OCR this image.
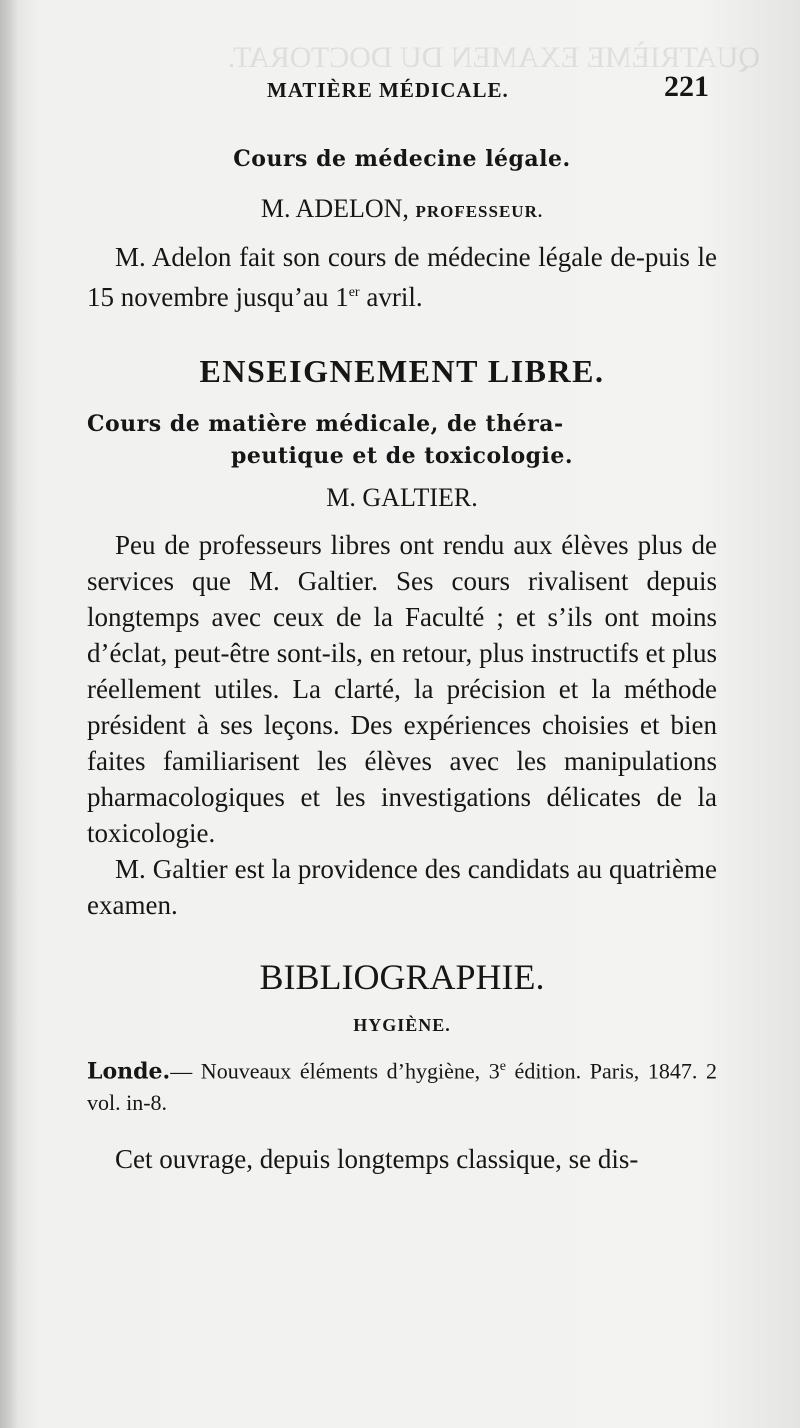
QUATRIÈME EXAMEN DU DOCTORAT.
MATIÈRE MÉDICALE.	221
Cours de médecine légale.
M. ADELON, PROFESSEUR.

M. Adelon fait son cours de médecine légale de-puis le 15 novembre jusqu’au 1er avril.

ENSEIGNEMENT LIBRE.
Cours de matière médicale, de théra-
peutique et de toxicologie.
M. GALTIER.

Peu de professeurs libres ont rendu aux élèves plus de services que M. Galtier. Ses cours rivalisent depuis longtemps avec ceux de la Faculté ; et s’ils ont moins d’éclat, peut-être sont-ils, en retour, plus instructifs et plus réellement utiles. La clarté, la précision et la méthode président à ses leçons. Des expériences choisies et bien faites familiarisent les élèves avec les manipulations pharmacologiques et les investigations délicates de la toxicologie.

M. Galtier est la providence des candidats au quatrième examen.

BIBLIOGRAPHIE.
HYGIÈNE.

Londe.— Nouveaux éléments d’hygiène, 3e édition. Paris, 1847. 2 vol. in-8.

Cet ouvrage, depuis longtemps classique, se dis-
